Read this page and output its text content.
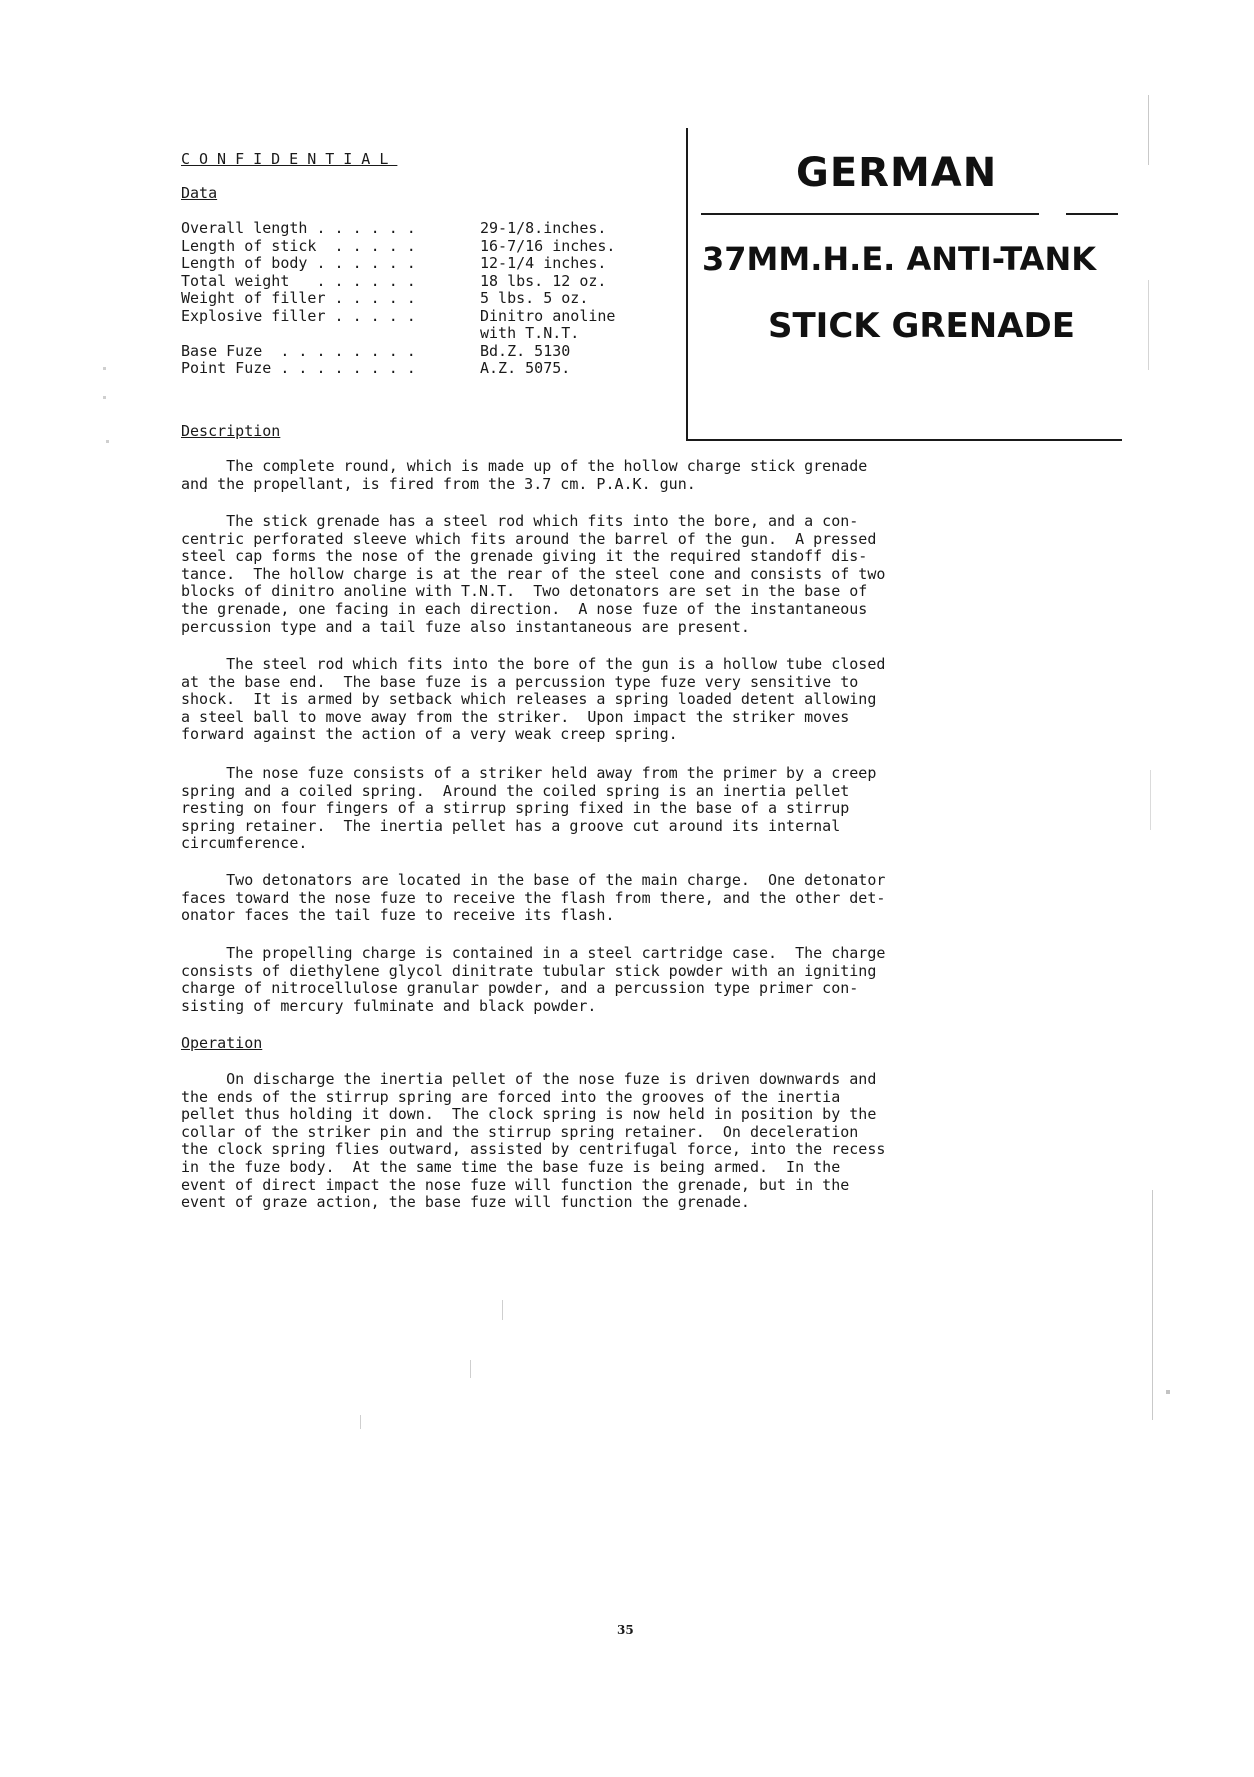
CONFIDENTIAL
Data
Overall length . . . . . .	29-1/8.inches.
Length of stick  . . . . .	16-7/16 inches.
Length of body . . . . . .	12-1/4 inches.
Total weight   . . . . . .	18 lbs. 12 oz.
Weight of filler . . . . .	5 lbs. 5 oz.
Explosive filler . . . . .	Dinitro anoline
	with T.N.T.
Base Fuze  . . . . . . . .	Bd.Z. 5130
Point Fuze . . . . . . . .	A.Z. 5075.
GERMAN
37MM.H.E. ANTI-TANK
STICK GRENADE
Description
The complete round, which is made up of the hollow charge stick grenade
and the propellant, is fired from the 3.7 cm. P.A.K. gun.
The stick grenade has a steel rod which fits into the bore, and a con-
centric perforated sleeve which fits around the barrel of the gun.  A pressed
steel cap forms the nose of the grenade giving it the required standoff dis-
tance.  The hollow charge is at the rear of the steel cone and consists of two
blocks of dinitro anoline with T.N.T.  Two detonators are set in the base of
the grenade, one facing in each direction.  A nose fuze of the instantaneous
percussion type and a tail fuze also instantaneous are present.
The steel rod which fits into the bore of the gun is a hollow tube closed
at the base end.  The base fuze is a percussion type fuze very sensitive to
shock.  It is armed by setback which releases a spring loaded detent allowing
a steel ball to move away from the striker.  Upon impact the striker moves
forward against the action of a very weak creep spring.
The nose fuze consists of a striker held away from the primer by a creep
spring and a coiled spring.  Around the coiled spring is an inertia pellet
resting on four fingers of a stirrup spring fixed in the base of a stirrup
spring retainer.  The inertia pellet has a groove cut around its internal
circumference.
Two detonators are located in the base of the main charge.  One detonator
faces toward the nose fuze to receive the flash from there, and the other det-
onator faces the tail fuze to receive its flash.
The propelling charge is contained in a steel cartridge case.  The charge
consists of diethylene glycol dinitrate tubular stick powder with an igniting
charge of nitrocellulose granular powder, and a percussion type primer con-
sisting of mercury fulminate and black powder.
Operation
On discharge the inertia pellet of the nose fuze is driven downwards and
the ends of the stirrup spring are forced into the grooves of the inertia
pellet thus holding it down.  The clock spring is now held in position by the
collar of the striker pin and the stirrup spring retainer.  On deceleration
the clock spring flies outward, assisted by centrifugal force, into the recess
in the fuze body.  At the same time the base fuze is being armed.  In the
event of direct impact the nose fuze will function the grenade, but in the
event of graze action, the base fuze will function the grenade.
35
